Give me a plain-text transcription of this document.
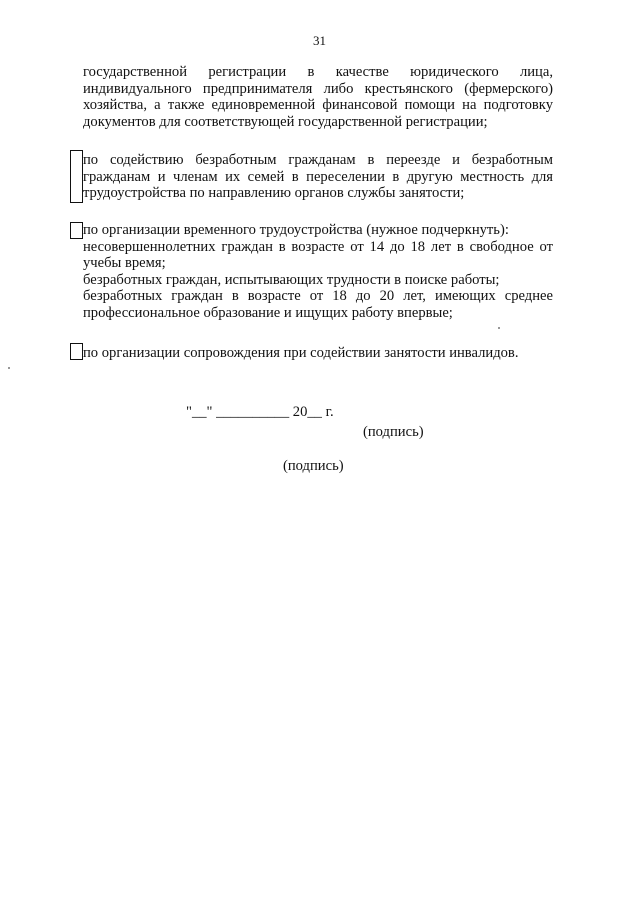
31
государственной регистрации в качестве юридического лица,
индивидуального предпринимателя либо крестьянского (фермерского)
хозяйства, а также единовременной финансовой помощи на подготовку
документов для соответствующей государственной регистрации;
по содействию безработным гражданам в переезде и безработным
гражданам и членам их семей в переселении в другую местность для
трудоустройства по направлению органов службы занятости;
по организации временного трудоустройства (нужное подчеркнуть):
несовершеннолетних граждан в возрасте от 14 до 18 лет в свободное от
учебы время;
безработных граждан, испытывающих трудности в поиске работы;
безработных граждан в возрасте от 18 до 20 лет, имеющих среднее
профессиональное образование и ищущих работу впервые;
по организации сопровождения при содействии занятости инвалидов.
"__" __________ 20__ г.
(подпись)
(подпись)
